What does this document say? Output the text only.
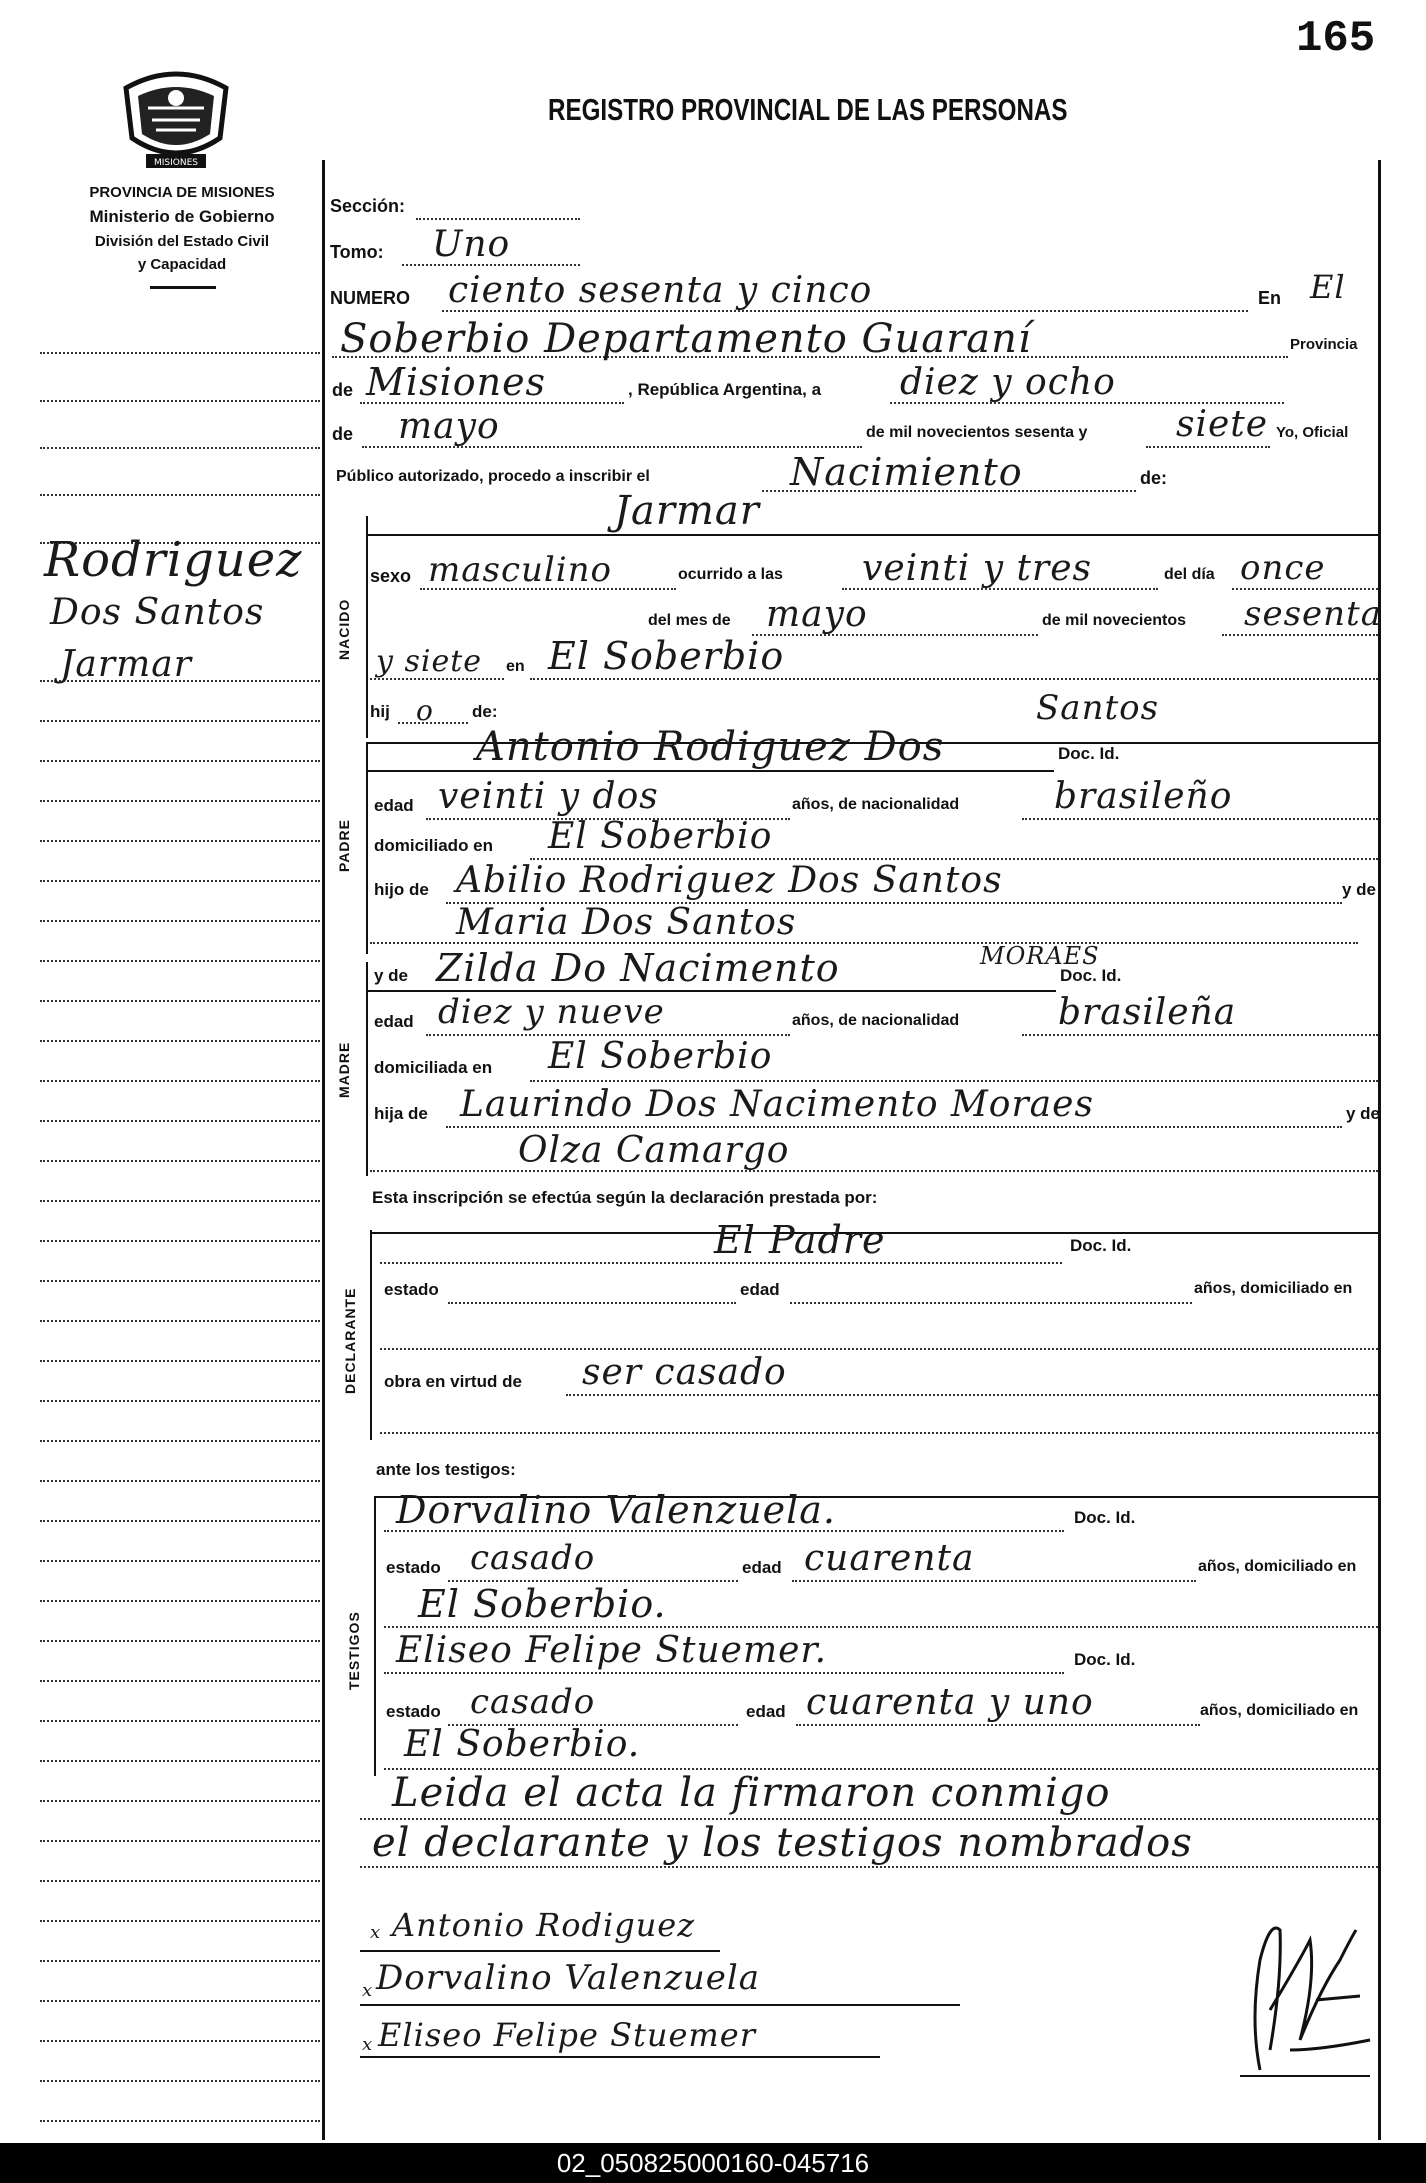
165
MISIONES
PROVINCIA DE MISIONES
Ministerio de Gobierno
División del Estado Civil
y Capacidad
REGISTRO PROVINCIAL DE LAS PERSONAS
Rodriguez
Dos Santos
Jarmar
Sección:
Tomo: Uno
NUMERO ciento sesenta y cinco	En El
Soberbio Departamento Guaraní	Provincia
de Misiones	, República Argentina, a diez y ocho
de mayo	de mil novecientos sesenta y siete Yo, Oficial
Público autorizado, procedo a inscribir el	Nacimiento	de:
NACIDO
Jarmar
sexo masculino	ocurrido a las veinti y tres	del día once
del mes de mayo	de mil novecientos sesenta
y siete en El Soberbio
hij o de:	Santos
PADRE
Antonio Rodiguez Dos	Doc. Id.
edad veinti y dos	años, de nacionalidad	brasileño
domiciliado en El Soberbio
hijo de Abilio Rodriguez Dos Santos	y de
Maria Dos Santos
MADRE
y de Zilda Do Nacimento	MORAES
Doc. Id.
edad diez y nueve	años, de nacionalidad	brasileña
domiciliada en El Soberbio
hija de Laurindo Dos Nacimento Moraes	y de
Olza Camargo
Esta inscripción se efectúa según la declaración prestada por:
DECLARANTE
El Padre	Doc. Id.
estado	edad	años, domiciliado en
obra en virtud de ser casado
ante los testigos:
TESTIGOS
Dorvalino Valenzuela.	Doc. Id.
estado casado	edad cuarenta	años, domiciliado en
El Soberbio.
Eliseo Felipe Stuemer.	Doc. Id.
estado casado	edad cuarenta y uno	años, domiciliado en
El Soberbio.
Leida el acta la firmaron conmigo
el declarante y los testigos nombrados
x Antonio Rodiguez
x Dorvalino Valenzuela
x Eliseo Felipe Stuemer
02_050825000160-045716
